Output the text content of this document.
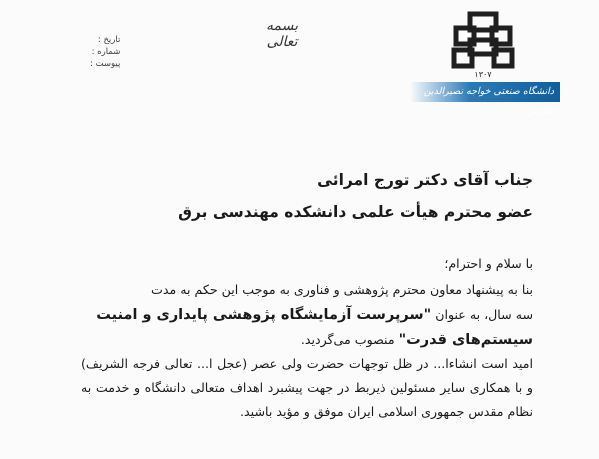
تاریخ :
شماره :
پیوست :
بسمه تعالی
۱۳۰۷
دانشگاه صنعتی خواجه نصیرالدین طوسی
جناب آقای دکتر تورج امرائی
عضو محترم هیأت علمی دانشکده مهندسی برق

با سلام و احترام؛

بنا به پیشنهاد معاون محترم پژوهشی و فناوری به موجب این حکم به مدت
سه سال، به عنوان "سرپرست آزمایشگاه پژوهشی پایداری و امنیت
سیستم‌های قدرت" منصوب می‌گردید.

امید است انشاءا... در ظل توجهات حضرت ولی عصر (عجل ا... تعالی فرجه الشریف) و با همکاری سایر مسئولین ذیربط در جهت پیشبرد اهداف متعالی دانشگاه و خدمت به نظام مقدس جمهوری اسلامی ایران موفق و مؤید باشید.
